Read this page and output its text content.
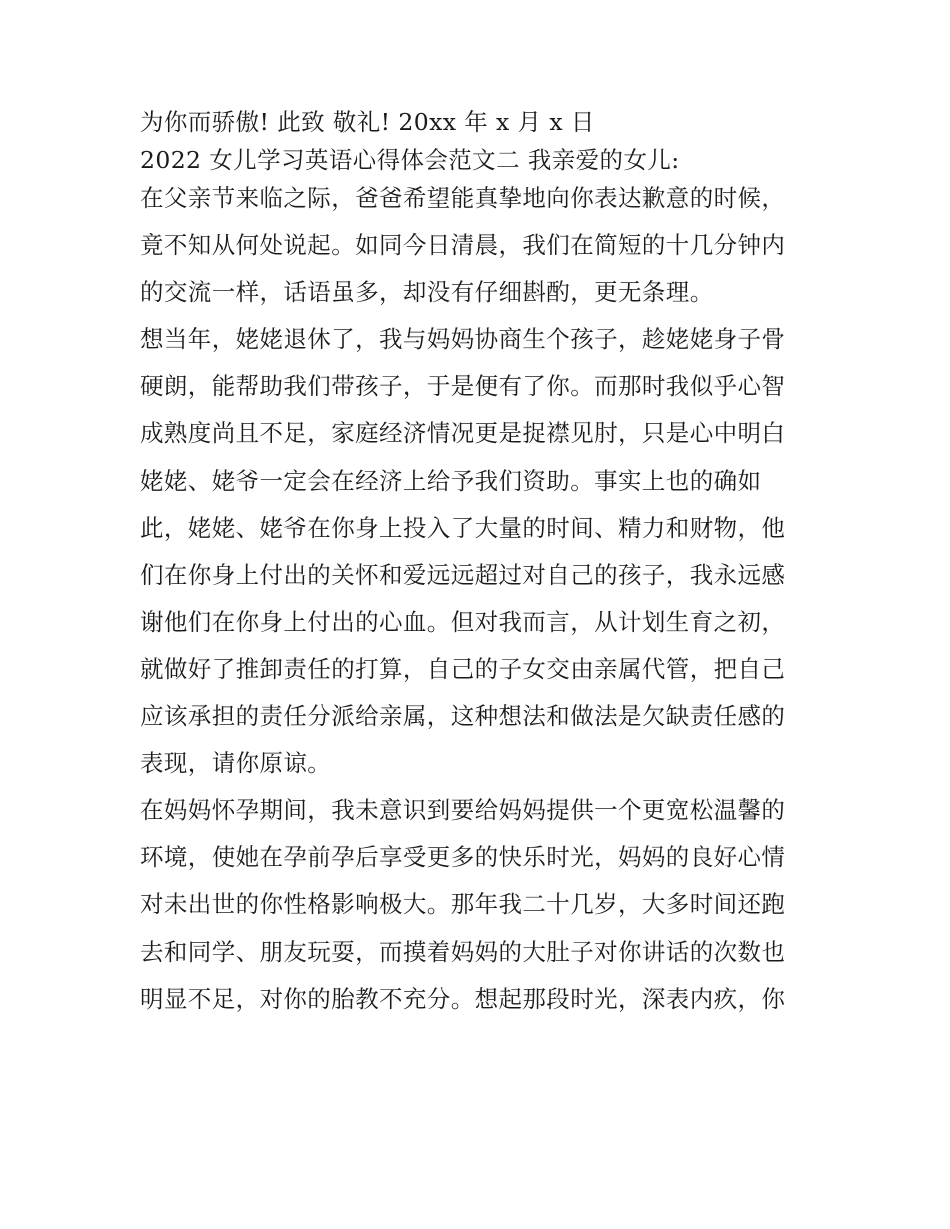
为你而骄傲! 此致 敬礼! 20xx 年 x 月 x 日

2022 女儿学习英语心得体会范文二 我亲爱的女儿:

在父亲节来临之际，爸爸希望能真挚地向你表达歉意的时候，

竟不知从何处说起。如同今日清晨，我们在简短的十几分钟内

的交流一样，话语虽多，却没有仔细斟酌，更无条理。

想当年，姥姥退休了，我与妈妈协商生个孩子，趁姥姥身子骨

硬朗，能帮助我们带孩子，于是便有了你。而那时我似乎心智

成熟度尚且不足，家庭经济情况更是捉襟见肘，只是心中明白

姥姥、姥爷一定会在经济上给予我们资助。事实上也的确如

此，姥姥、姥爷在你身上投入了大量的时间、精力和财物，他

们在你身上付出的关怀和爱远远超过对自己的孩子，我永远感

谢他们在你身上付出的心血。但对我而言，从计划生育之初，

就做好了推卸责任的打算，自己的子女交由亲属代管，把自己

应该承担的责任分派给亲属，这种想法和做法是欠缺责任感的

表现，请你原谅。

在妈妈怀孕期间，我未意识到要给妈妈提供一个更宽松温馨的

环境，使她在孕前孕后享受更多的快乐时光，妈妈的良好心情

对未出世的你性格影响极大。那年我二十几岁，大多时间还跑

去和同学、朋友玩耍，而摸着妈妈的大肚子对你讲话的次数也

明显不足，对你的胎教不充分。想起那段时光，深表内疚，你
